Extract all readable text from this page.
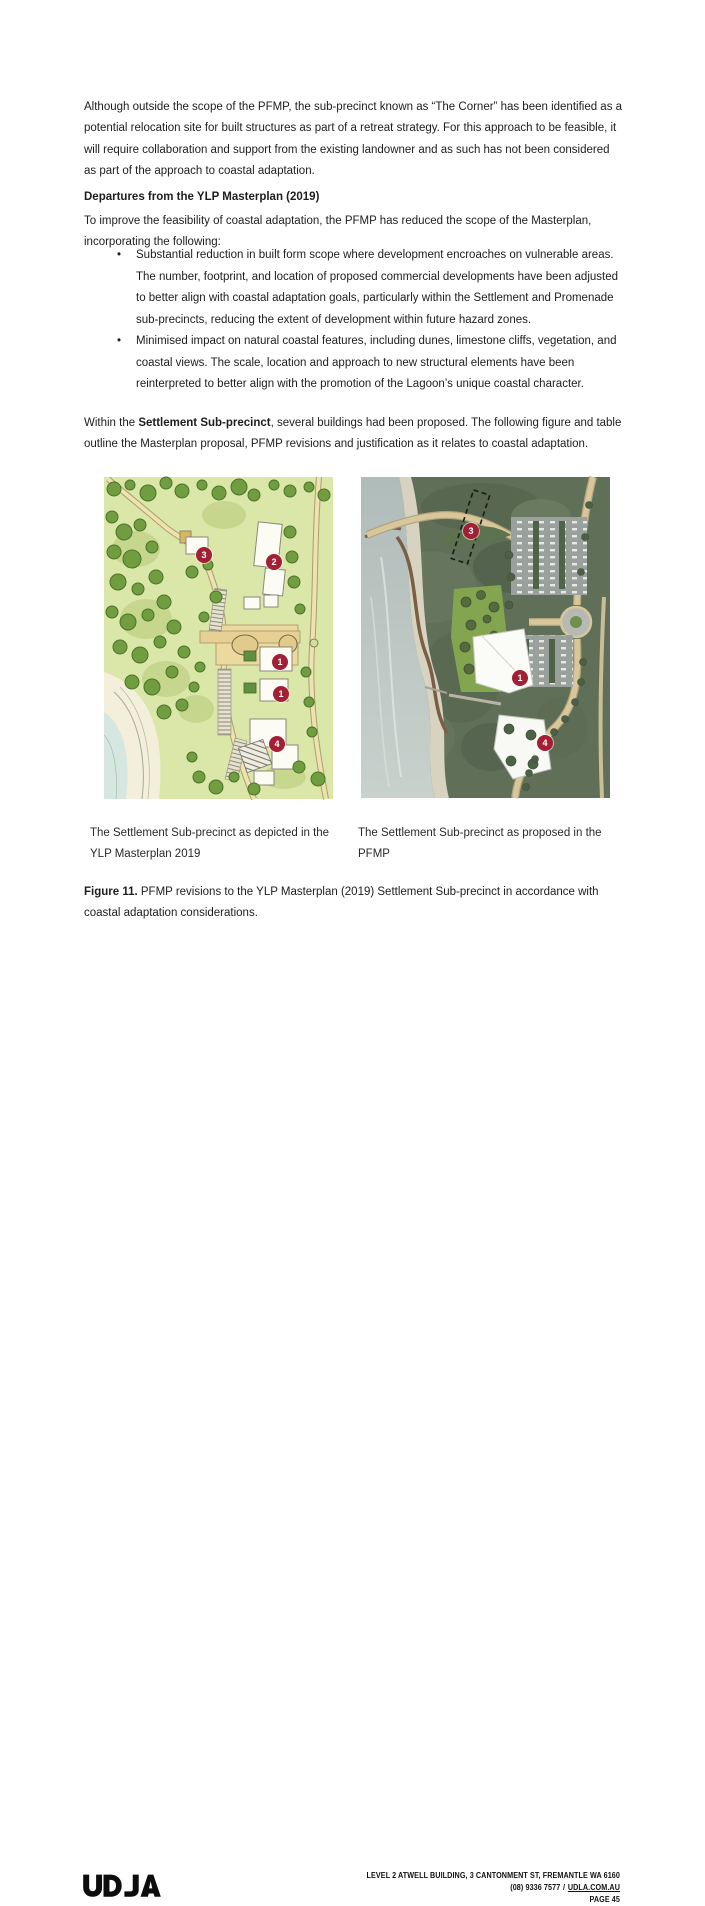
Although outside the scope of the PFMP, the sub-precinct known as “The Corner” has been identified as a potential relocation site for built structures as part of a retreat strategy. For this approach to be feasible, it will require collaboration and support from the existing landowner and as such has not been considered as part of the approach to coastal adaptation.

Departures from the YLP Masterplan (2019)

To improve the feasibility of coastal adaptation, the PFMP has reduced the scope of the Masterplan, incorporating the following:

• Substantial reduction in built form scope where development encroaches on vulnerable areas. The number, footprint, and location of proposed commercial developments have been adjusted to better align with coastal adaptation goals, particularly within the Settlement and Promenade sub-precincts, reducing the extent of development within future hazard zones.
• Minimised impact on natural coastal features, including dunes, limestone cliffs, vegetation, and coastal views. The scale, location and approach to new structural elements have been reinterpreted to better align with the promotion of the Lagoon’s unique coastal character.

Within the Settlement Sub-precinct, several buildings had been proposed. The following figure and table outline the Masterplan proposal, PFMP revisions and justification as it relates to coastal adaptation.

3
2
1
1
4
3
1
4

The Settlement Sub-precinct as depicted in the YLP Masterplan 2019

The Settlement Sub-precinct as proposed in the PFMP

Figure 11. PFMP revisions to the YLP Masterplan (2019) Settlement Sub-precinct in accordance with coastal adaptation considerations.

LEVEL 2 ATWELL BUILDING, 3 CANTONMENT ST, FREMANTLE WA 6160
(08) 9336 7577 / UDLA.COM.AU
PAGE 45
